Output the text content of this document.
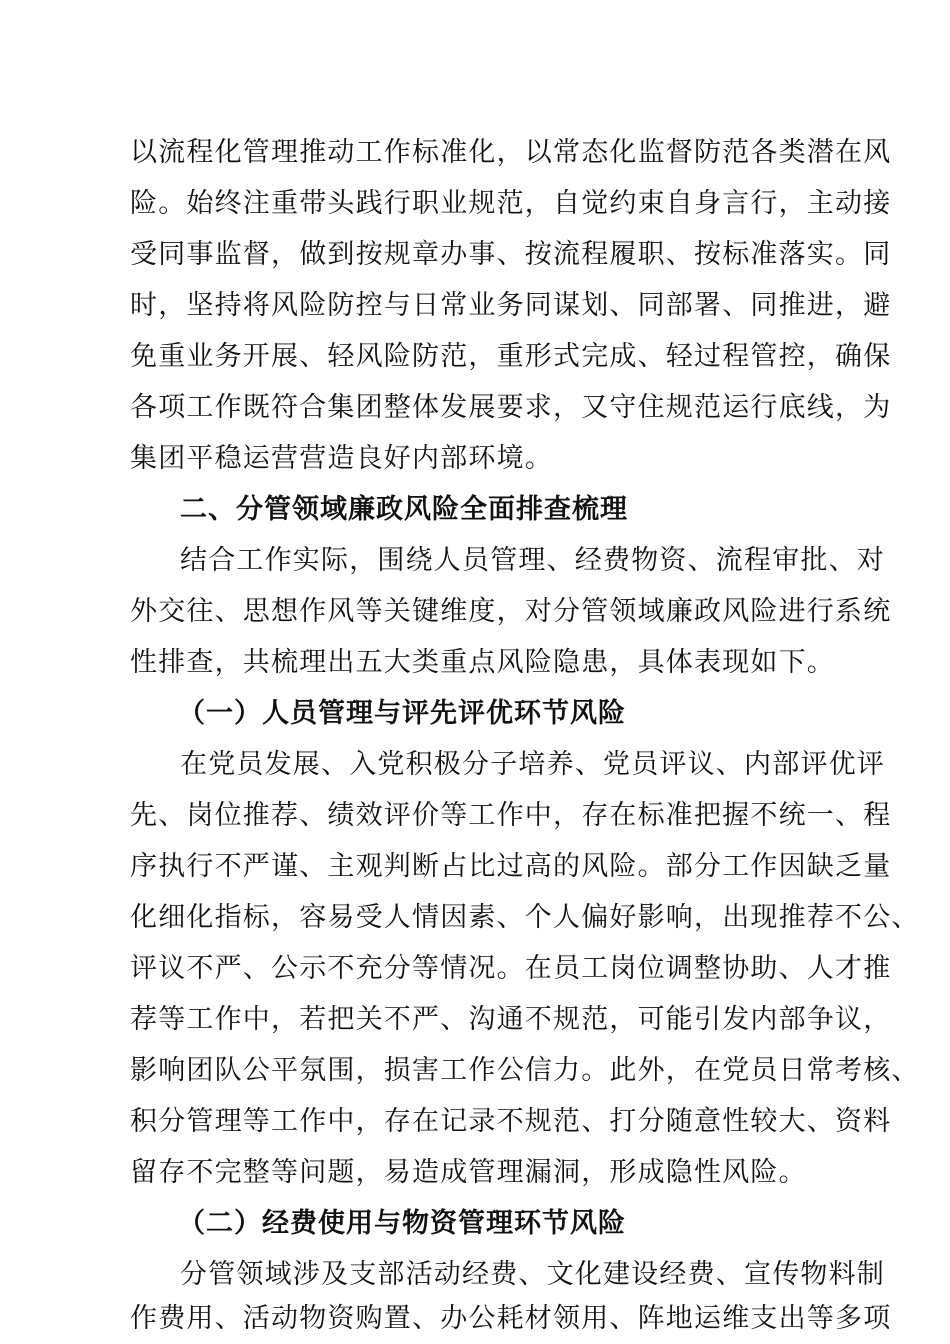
以流程化管理推动工作标准化，以常态化监督防范各类潜在风
险。始终注重带头践行职业规范，自觉约束自身言行，主动接
受同事监督，做到按规章办事、按流程履职、按标准落实。同
时，坚持将风险防控与日常业务同谋划、同部署、同推进，避
免重业务开展、轻风险防范，重形式完成、轻过程管控，确保
各项工作既符合集团整体发展要求，又守住规范运行底线，为
集团平稳运营营造良好内部环境。
二、分管领域廉政风险全面排查梳理
结合工作实际，围绕人员管理、经费物资、流程审批、对
外交往、思想作风等关键维度，对分管领域廉政风险进行系统
性排查，共梳理出五大类重点风险隐患，具体表现如下。
（一）人员管理与评先评优环节风险
在党员发展、入党积极分子培养、党员评议、内部评优评
先、岗位推荐、绩效评价等工作中，存在标准把握不统一、程
序执行不严谨、主观判断占比过高的风险。部分工作因缺乏量
化细化指标，容易受人情因素、个人偏好影响，出现推荐不公、
评议不严、公示不充分等情况。在员工岗位调整协助、人才推
荐等工作中，若把关不严、沟通不规范，可能引发内部争议，
影响团队公平氛围，损害工作公信力。此外，在党员日常考核、
积分管理等工作中，存在记录不规范、打分随意性较大、资料
留存不完整等问题，易造成管理漏洞，形成隐性风险。
（二）经费使用与物资管理环节风险
分管领域涉及支部活动经费、文化建设经费、宣传物料制
作费用、活动物资购置、办公耗材领用、阵地运维支出等多项
